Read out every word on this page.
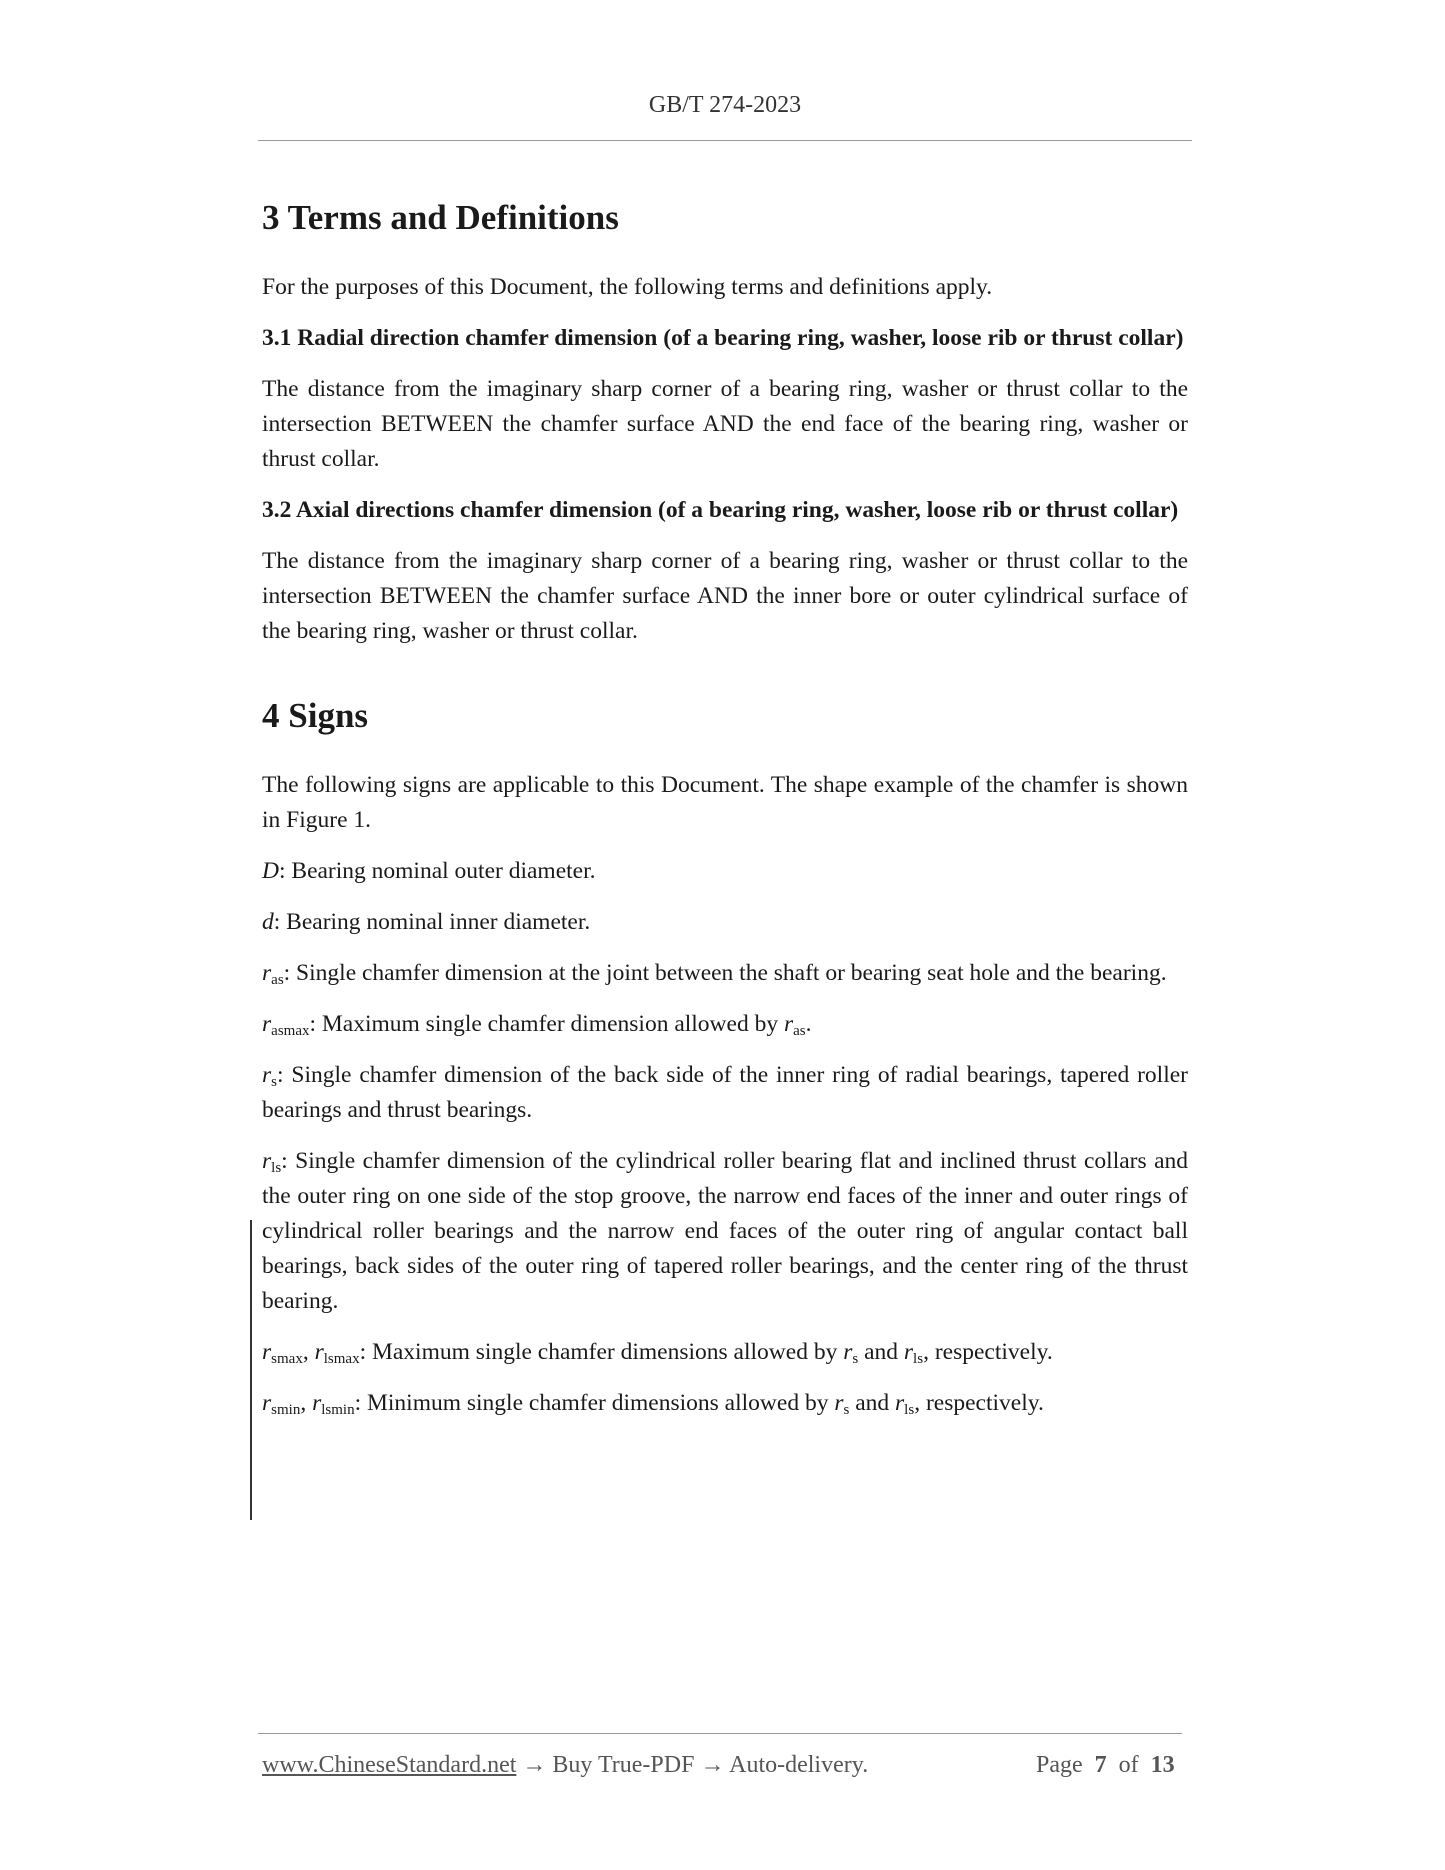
GB/T 274-2023
3 Terms and Definitions

For the purposes of this Document, the following terms and definitions apply.

3.1 Radial direction chamfer dimension (of a bearing ring, washer, loose rib or thrust collar)

The distance from the imaginary sharp corner of a bearing ring, washer or thrust collar to the intersection BETWEEN the chamfer surface AND the end face of the bearing ring, washer or thrust collar.

3.2 Axial directions chamfer dimension (of a bearing ring, washer, loose rib or thrust collar)

The distance from the imaginary sharp corner of a bearing ring, washer or thrust collar to the intersection BETWEEN the chamfer surface AND the inner bore or outer cylindrical surface of the bearing ring, washer or thrust collar.

4 Signs

The following signs are applicable to this Document. The shape example of the chamfer is shown in Figure 1.

D: Bearing nominal outer diameter.

d: Bearing nominal inner diameter.

$r_{as}$: Single chamfer dimension at the joint between the shaft or bearing seat hole and the bearing.

$r_{asmax}$: Maximum single chamfer dimension allowed by $r_{as}$.

$r_s$: Single chamfer dimension of the back side of the inner ring of radial bearings, tapered roller bearings and thrust bearings.

$r_{ls}$: Single chamfer dimension of the cylindrical roller bearing flat and inclined thrust collars and the outer ring on one side of the stop groove, the narrow end faces of the inner and outer rings of cylindrical roller bearings and the narrow end faces of the outer ring of angular contact ball bearings, back sides of the outer ring of tapered roller bearings, and the center ring of the thrust bearing.

$r_{smax}$, $r_{lsmax}$: Maximum single chamfer dimensions allowed by $r_s$ and $r_{ls}$, respectively.

$r_{smin}$, $r_{lsmin}$: Minimum single chamfer dimensions allowed by $r_s$ and $r_{ls}$, respectively.

www.ChineseStandard.net → Buy True-PDF → Auto-delivery.	Page 7 of 13
